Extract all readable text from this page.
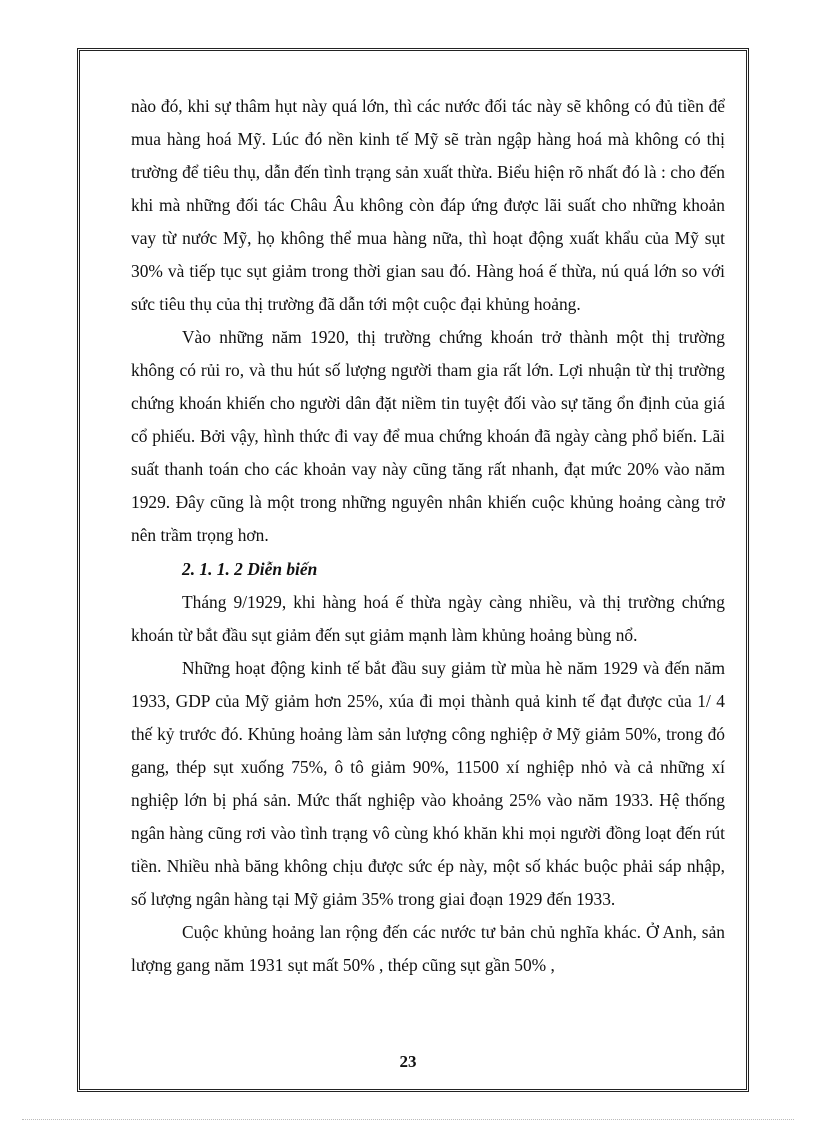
nào đó, khi sự thâm hụt này quá lớn, thì các nước đối tác này sẽ không có đủ tiền để mua hàng hoá Mỹ. Lúc đó nền kinh tế Mỹ sẽ tràn ngập hàng hoá mà không có thị trường để tiêu thụ, dẫn đến tình trạng sản xuất thừa. Biểu hiện rõ nhất đó là : cho đến khi mà những đối tác Châu Âu không còn đáp ứng được lãi suất cho những khoản vay từ nước Mỹ, họ không thể mua hàng nữa, thì hoạt động xuất khẩu của Mỹ sụt 30% và tiếp tục sụt giảm trong thời gian sau đó. Hàng hoá ế thừa, nú quá lớn so với sức tiêu thụ của thị trường đã dẫn tới một cuộc đại khủng hoảng.

Vào những năm 1920, thị trường chứng khoán trở thành một thị trường không có rủi ro, và thu hút số lượng người tham gia rất lớn. Lợi nhuận từ thị trường chứng khoán khiến cho người dân đặt niềm tin tuyệt đối vào sự tăng ổn định của giá cổ phiếu. Bởi vậy, hình thức đi vay để mua chứng khoán đã ngày càng phổ biến. Lãi suất thanh toán cho các khoản vay này cũng tăng rất nhanh, đạt mức 20% vào năm 1929. Đây cũng là một trong những nguyên nhân khiến cuộc khủng hoảng càng trở nên trầm trọng hơn.

2. 1. 1. 2 Diễn biến

Tháng 9/1929, khi hàng hoá ế thừa ngày càng nhiều, và thị trường chứng khoán từ bắt đầu sụt giảm đến sụt giảm mạnh làm khủng hoảng bùng nổ.

Những hoạt động kinh tế bắt đầu suy giảm từ mùa hè năm 1929 và đến năm 1933, GDP của Mỹ giảm hơn 25%, xúa đi mọi thành quả kinh tế đạt được của 1/ 4 thế kỷ trước đó. Khủng hoảng làm sản lượng công nghiệp ở Mỹ giảm 50%, trong đó gang, thép sụt xuống 75%, ô tô giảm 90%, 11500 xí nghiệp nhỏ và cả những xí nghiệp lớn bị phá sản. Mức thất nghiệp vào khoảng 25% vào năm 1933. Hệ thống ngân hàng cũng rơi vào tình trạng vô cùng khó khăn khi mọi người đồng loạt đến rút tiền. Nhiều nhà băng không chịu được sức ép này, một số khác buộc phải sáp nhập, số lượng ngân hàng tại Mỹ giảm 35% trong giai đoạn 1929 đến 1933.

Cuộc khủng hoảng lan rộng đến các nước tư bản chủ nghĩa khác. Ở Anh, sản lượng gang năm 1931 sụt mất 50% , thép cũng sụt gần 50% ,

23
